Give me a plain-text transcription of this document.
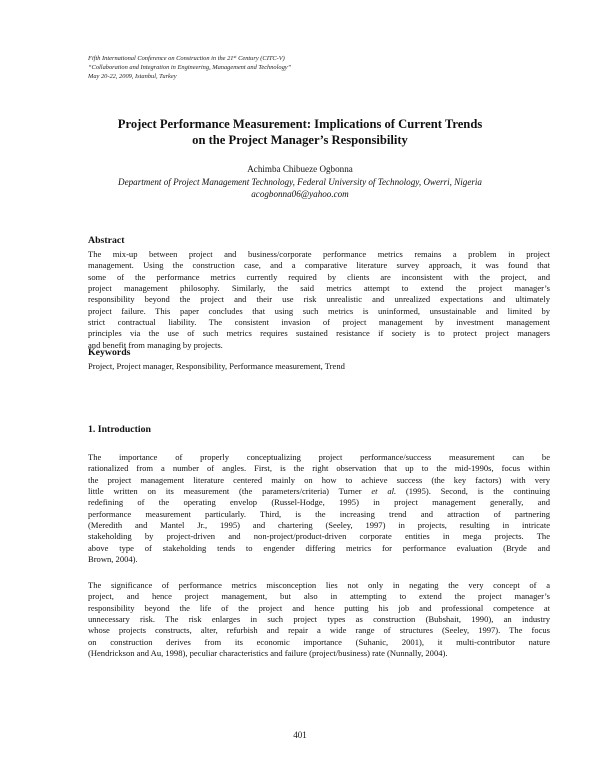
Fifth International Conference on Construction in the 21st Century (CITC-V)
“Collaboration and Integration in Engineering, Management and Technology”
May 20-22, 2009, Istanbul, Turkey
Project Performance Measurement: Implications of Current Trends
on the Project Manager’s Responsibility
Achimba Chibueze Ogbonna
Department of Project Management Technology, Federal University of Technology, Owerri, Nigeria
acogbonna06@yahoo.com
Abstract
The mix-up between project and business/corporate performance metrics remains a problem in project
management. Using the construction case, and a comparative literature survey approach, it was found that
some of the performance metrics currently required by clients are inconsistent with the project, and
project management philosophy. Similarly, the said metrics attempt to extend the project manager’s
responsibility beyond the project and their use risk unrealistic and unrealized expectations and ultimately
project failure. This paper concludes that using such metrics is uninformed, unsustainable and limited by
strict contractual liability. The consistent invasion of project management by investment management
principles via the use of such metrics requires sustained resistance if society is to protect project managers
and benefit from managing by projects.
Keywords
Project, Project manager, Responsibility, Performance measurement, Trend
1. Introduction
The importance of properly conceptualizing project performance/success measurement can be
rationalized from a number of angles. First, is the right observation that up to the mid-1990s, focus within
the project management literature centered mainly on how to achieve success (the key factors) with very
little written on its measurement (the parameters/criteria) Turner et al. (1995). Second, is the continuing
redefining of the operating envelop (Russel-Hodge, 1995) in project management generally, and
performance measurement particularly. Third, is the increasing trend and attraction of partnering
(Meredith and Mantel Jr., 1995) and chartering (Seeley, 1997) in projects, resulting in intricate
stakeholding by project-driven and non-project/product-driven corporate entities in mega projects. The
above type of stakeholding tends to engender differing metrics for performance evaluation (Bryde and
Brown, 2004).
The significance of performance metrics misconception lies not only in negating the very concept of a
project, and hence project management, but also in attempting to extend the project manager’s
responsibility beyond the life of the project and hence putting his job and professional competence at
unnecessary risk. The risk enlarges in such project types as construction (Bubshait, 1990), an industry
whose projects constructs, alter, refurbish and repair a wide range of structures (Seeley, 1997). The focus
on construction derives from its economic importance (Suhanic, 2001), it multi-contributor nature
(Hendrickson and Au, 1998), peculiar characteristics and failure (project/business) rate (Nunnally, 2004).
401
